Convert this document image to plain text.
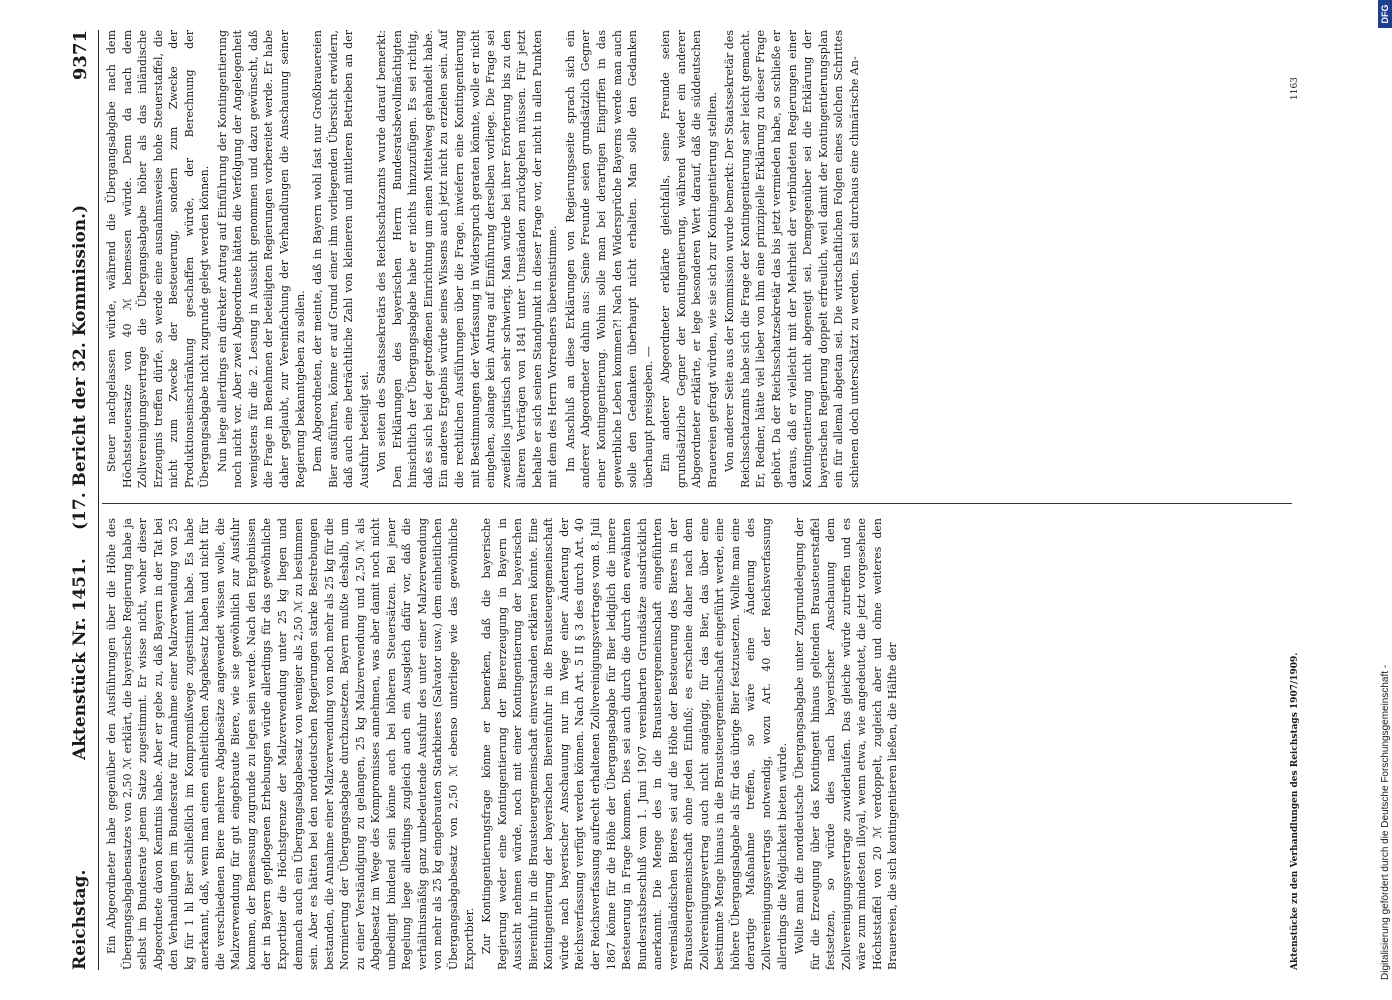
Reichstag.
Aktenstück Nr. 1451.
(17. Bericht der 32. Kommission.)
9371

Ein Abgeordneter habe gegenüber den Ausführungen über die Höhe des Übergangsabgabensatzes von 2,50 ℳ erklärt, die bayerische Regierung habe ja selbst im Bundesrate jenem Satze zugestimmt. Er wisse nicht, woher dieser Abgeordnete davon Kenntnis habe. Aber er gebe zu, daß Bayern in der Tat bei den Verhandlungen im Bundesrate für Annahme einer Malzverwendung von 25 kg für 1 hl Bier schließlich im Kompromißwege zugestimmt habe. Es habe anerkannt, daß, wenn man einen einheitlichen Abgabesatz haben und nicht für die verschiedenen Biere mehrere Abgabesätze angewendet wissen wolle, die Malzverwendung für gut eingebraute Biere, wie sie gewöhnlich zur Ausfuhr kommen, der Bemessung zugrunde zu legen sein werde. Nach den Ergebnissen der in Bayern gepflogenen Erhebungen würde allerdings für das gewöhnliche Exportbier die Höchstgrenze der Malzverwendung unter 25 kg liegen und demnach auch ein Übergangsabgabesatz von weniger als 2,50 ℳ zu bestimmen sein. Aber es hätten bei den norddeutschen Regierungen starke Bestrebungen bestanden, die Annahme einer Malzverwendung von noch mehr als 25 kg für die Normierung der Übergangsabgabe durchzusetzen. Bayern mußte deshalb, um zu einer Verständigung zu gelangen, 25 kg Malzverwendung und 2,50 ℳ als Abgabesatz im Wege des Kompromisses annehmen, was aber damit noch nicht unbedingt bindend sein könne auch bei höheren Steuersätzen. Bei jener Regelung liege allerdings zugleich auch ein Ausgleich dafür vor, daß die verhältnismäßig ganz unbedeutende Ausfuhr des unter einer Malzverwendung von mehr als 25 kg eingebrauten Starkbieres (Salvator usw.) dem einheitlichen Übergangsabgabesatz von 2,50 ℳ ebenso unterliege wie das gewöhnliche Exportbier. Zur Kontingentierungsfrage könne er bemerken, daß die bayerische Regierung weder eine Kontingentierung der Biererzeugung in Bayern in Aussicht nehmen würde, noch mit einer Kontingentierung der bayerischen Biereinfuhr in die Brausteuergemeinschaft einverstanden erklären könnte. Eine Kontingentierung der bayerischen Biereinfuhr in die Brausteuergemeinschaft würde nach bayerischer Anschauung nur im Wege einer Änderung der Reichsverfassung verfügt werden können. Nach Art. 5 II § 3 des durch Art. 40 der Reichsverfassung aufrecht erhaltenen Zollvereinigungsvertrages vom 8. Juli 1867 könne für die Höhe der Übergangsabgabe für Bier lediglich die innere Besteuerung in Frage kommen. Dies sei auch durch die durch den erwähnten Bundesratsbeschluß vom 1. Juni 1907 vereinbarten Grundsätze ausdrücklich anerkannt. Die Menge des in die Brausteuergemeinschaft eingeführten vereinsländischen Bieres sei auf die Höhe der Besteuerung des Bieres in der Brausteuergemeinschaft ohne jeden Einfluß; es erscheine daher nach dem Zollvereinigungsvertrag auch nicht angängig, für das Bier, das über eine bestimmte Menge hinaus in die Brausteuergemeinschaft eingeführt werde, eine höhere Übergangsabgabe als für das übrige Bier festzusetzen. Wollte man eine derartige Maßnahme treffen, so wäre eine Änderung des Zollvereinigungsvertrags notwendig, wozu Art. 40 der Reichsverfassung allerdings die Möglichkeit bieten würde. Wollte man die norddeutsche Übergangsabgabe unter Zugrundelegung der für die Erzeugung über das Kontingent hinaus geltenden Brausteuerstaffel festsetzen, so würde dies nach bayerischer Anschauung dem Zollvereinigungsvertrage zuwiderlaufen. Das gleiche würde zutreffen und es wäre zum mindesten illoyal, wenn etwa, wie angedeutet, die jetzt vorgesehene Höchststaffel von 20 ℳ verdoppelt, zugleich aber und ohne weiteres den Brauereien, die sich kontingentieren ließen, die Hälfte der

Steuer nachgelassen würde, während die Übergangsabgabe nach dem Höchststeuersatze von 40 ℳ bemessen würde. Denn da nach dem Zollvereinigungsvertrage die Übergangsabgabe höher als das inländische Erzeugnis treffen dürfe, so werde eine ausnahmsweise hohe Steuerstaffel, die nicht zum Zwecke der Besteuerung, sondern zum Zwecke der Produktionseinschränkung geschaffen würde, der Berechnung der Übergangsabgabe nicht zugrunde gelegt werden können. Nun liege allerdings ein direkter Antrag auf Einführung der Kontingentierung noch nicht vor. Aber zwei Abgeordnete hätten die Verfolgung der Angelegenheit wenigstens für die 2. Lesung in Aussicht genommen und dazu gewünscht, daß die Frage im Benehmen der beteiligten Regierungen vorbereitet werde. Er habe daher geglaubt, zur Vereinfachung der Verhandlungen die Anschauung seiner Regierung bekanntgeben zu sollen. Dem Abgeordneten, der meinte, daß in Bayern wohl fast nur Großbrauereien Bier ausführen, könne er auf Grund einer ihm vorliegenden Übersicht erwidern, daß auch eine beträchtliche Zahl von kleineren und mittleren Betrieben an der Ausfuhr beteiligt sei. Von seiten des Staatssekretärs des Reichsschatzamts wurde darauf bemerkt: Den Erklärungen des bayerischen Herrn Bundesratsbevollmächtigten hinsichtlich der Übergangsabgabe habe er nichts hinzuzufügen. Es sei richtig, daß es sich bei der getroffenen Einrichtung um einen Mittelweg gehandelt habe. Ein anderes Ergebnis würde seines Wissens auch jetzt nicht zu erzielen sein. Auf die rechtlichen Ausführungen über die Frage, inwiefern eine Kontingentierung mit Bestimmungen der Verfassung in Widerspruch geraten könnte, wolle er nicht eingehen, solange kein Antrag auf Einführung derselben vorliege. Die Frage sei zweifellos juristisch sehr schwierig. Man würde bei ihrer Erörterung bis zu den älteren Verträgen von 1841 unter Umständen zurückgehen müssen. Für jetzt behalte er sich seinen Standpunkt in dieser Frage vor, der nicht in allen Punkten mit dem des Herrn Vorredners übereinstimme. Im Anschluß an diese Erklärungen von Regierungsseite sprach sich ein anderer Abgeordneter dahin aus: Seine Freunde seien grundsätzlich Gegner einer Kontingentierung. Wohin solle man bei derartigen Eingriffen in das gewerbliche Leben kommen?! Nach den Widersprüche Bayerns werde man auch solle den Gedanken überhaupt nicht erhalten. Man solle den Gedanken überhaupt preisgeben. — Ein anderer Abgeordneter erklärte gleichfalls, seine Freunde seien grundsätzliche Gegner der Kontingentierung, während wieder ein anderer Abgeordneter erklärte, er lege besonderen Wert darauf, daß die süddeutschen Brauereien gefragt würden, wie sie sich zur Kontingentierung stellten. Von anderer Seite aus der Kommission wurde bemerkt: Der Staatssekretär des Reichsschatzamts habe sich die Frage der Kontingentierung sehr leicht gemacht. Er, Redner, hätte viel lieber von ihm eine prinzipielle Erklärung zu dieser Frage gehört. Da der Reichsschatzsekretär das bis jetzt vermieden habe, so schließe er daraus, daß er vielleicht mit der Mehrheit der verbündeten Regierungen einer Kontingentierung nicht abgeneigt sei. Demgegenüber sei die Erklärung der bayerischen Regierung doppelt erfreulich, weil damit der Kontingentierungsplan ein für allemal abgetan sei. Die wirtschaftlichen Folgen eines solchen Schrittes schienen doch unterschätzt zu werden. Es sei durchaus eine chimärische An-

Aktenstücke zu den Verhandlungen des Reichstags 1907/1909.
1163
Digitalisierung gefördert durch die Deutsche Forschungsgemeinschaft -
DFG
